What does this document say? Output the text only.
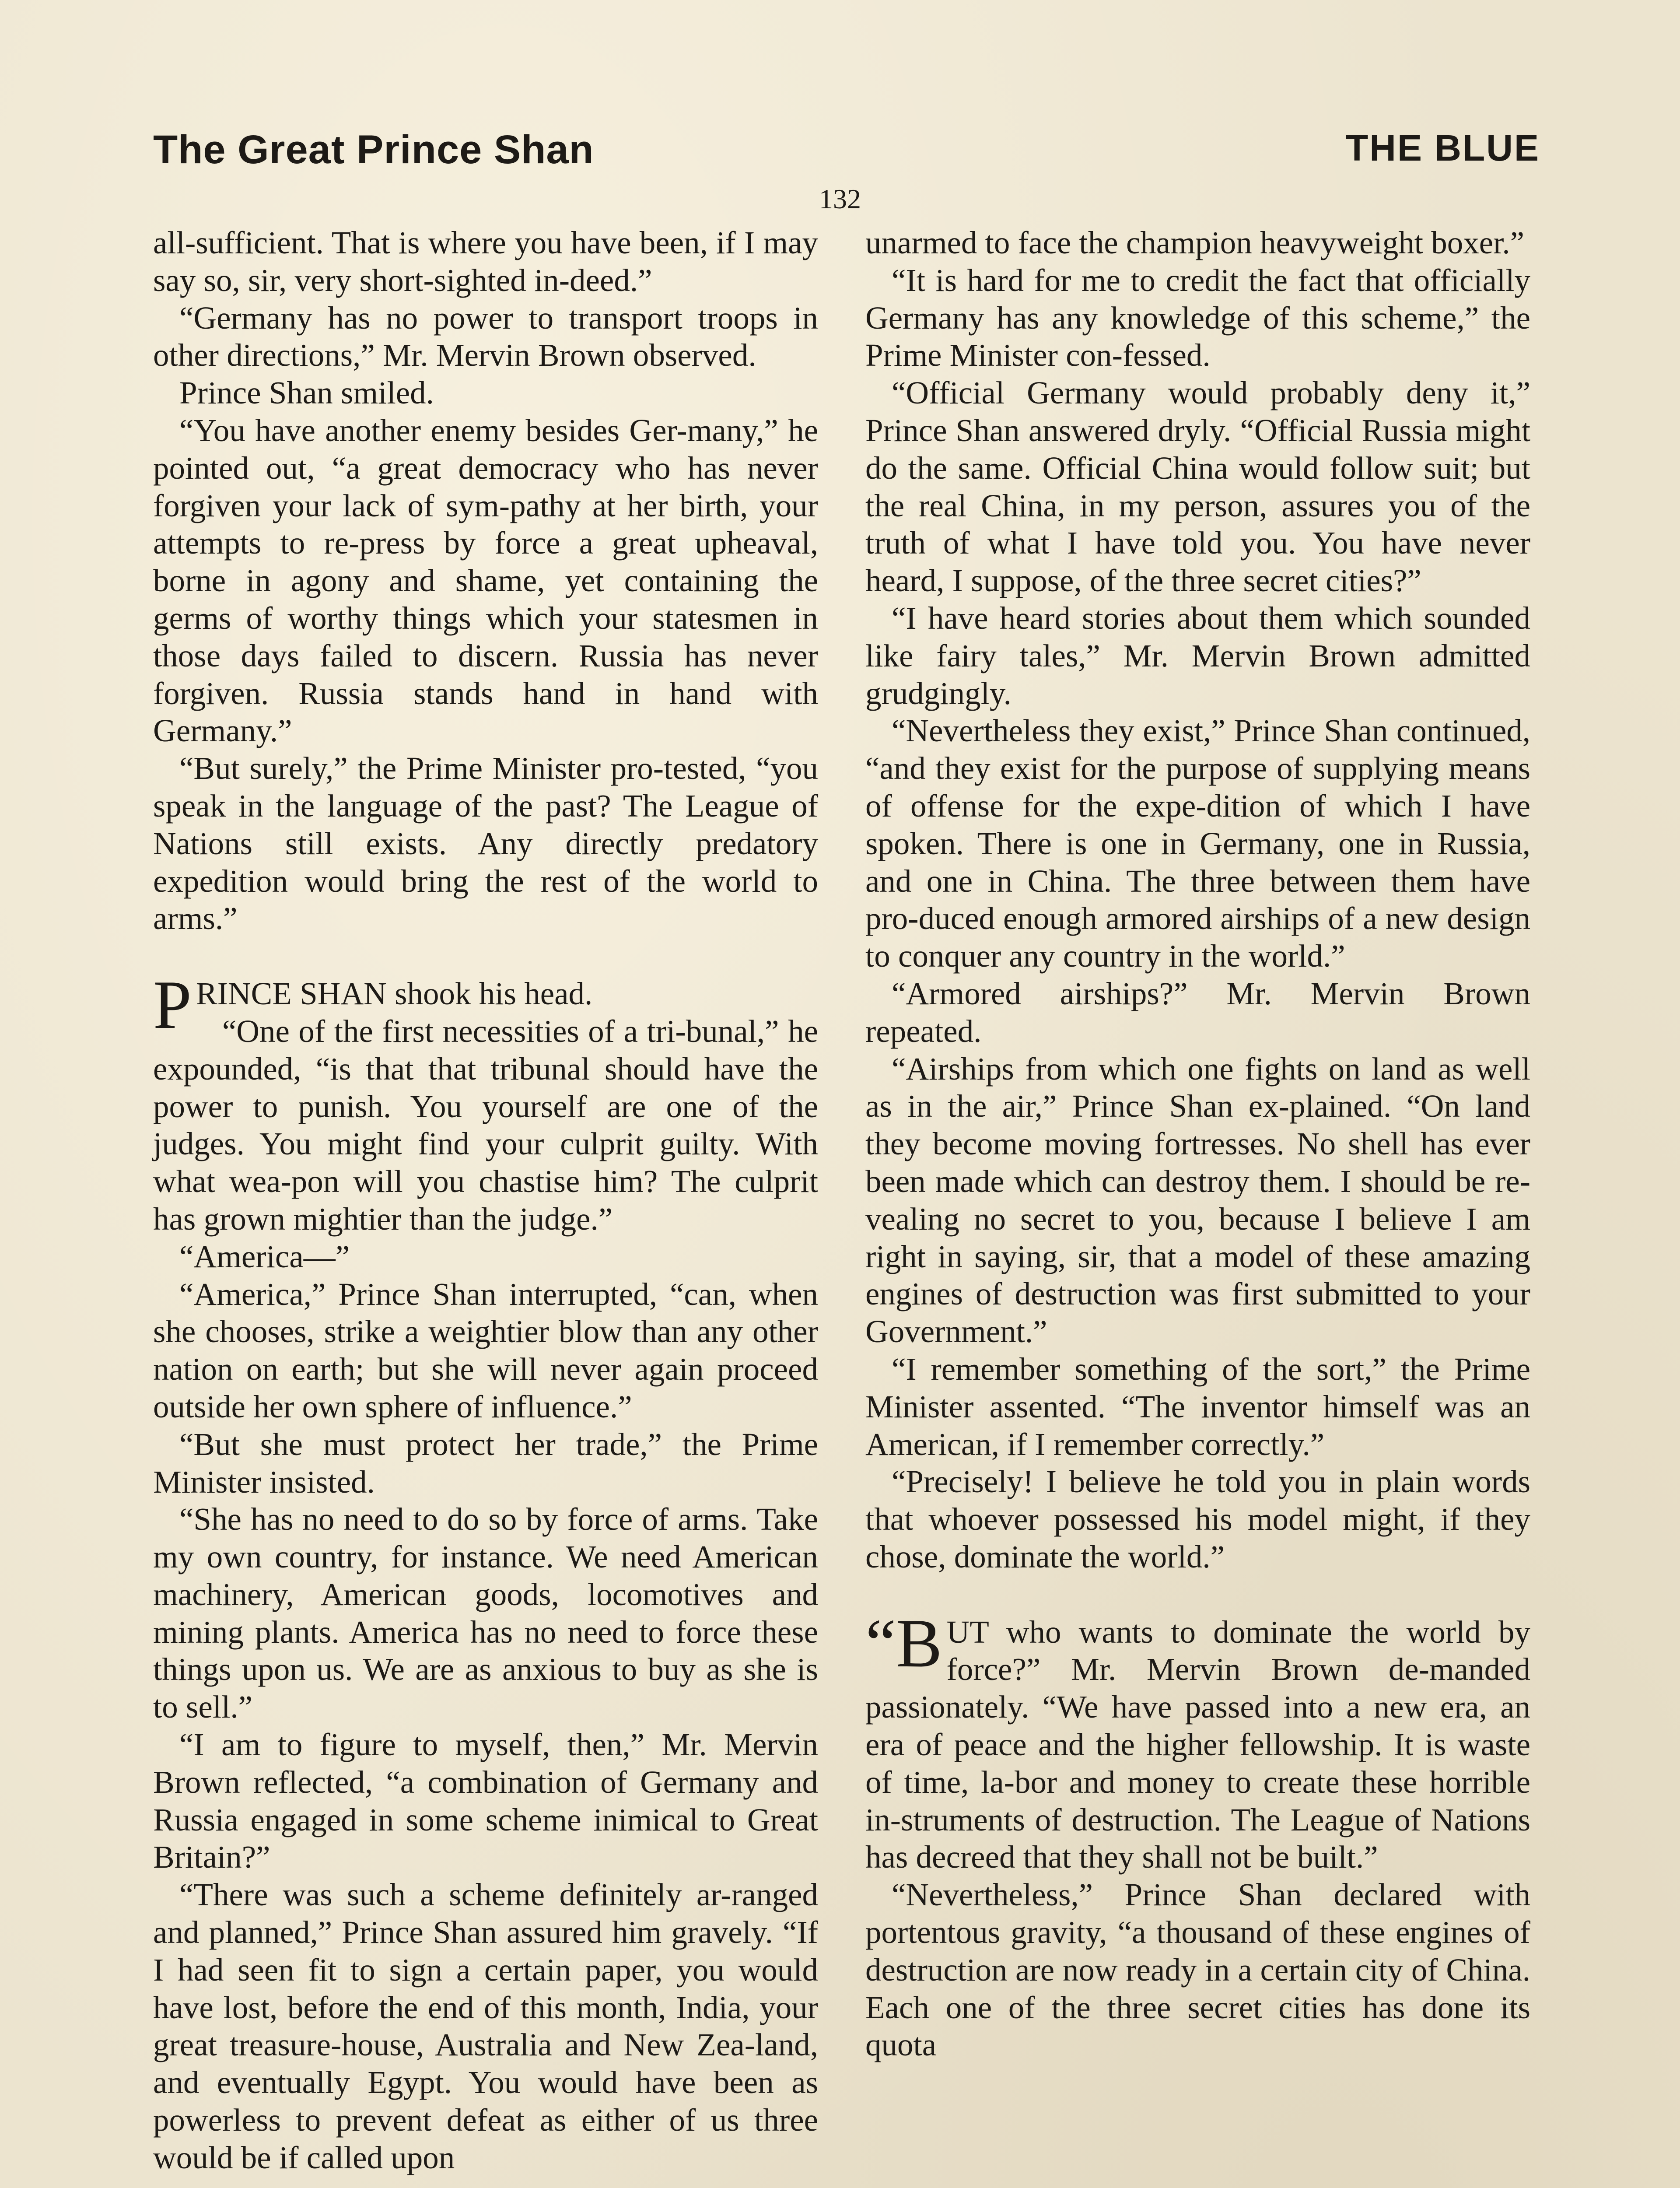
The Great Prince Shan	THE BLUE
132

all-sufficient. That is where you have been, if I may say so, sir, very short-sighted in-deed.”

“Germany has no power to transport troops in other directions,” Mr. Mervin Brown observed.

Prince Shan smiled.

“You have another enemy besides Ger-many,” he pointed out, “a great democracy who has never forgiven your lack of sym-pathy at her birth, your attempts to re-press by force a great upheaval, borne in agony and shame, yet containing the germs of worthy things which your statesmen in those days failed to discern. Russia has never forgiven. Russia stands hand in hand with Germany.”

“But surely,” the Prime Minister pro-tested, “you speak in the language of the past? The League of Nations still exists. Any directly predatory expedition would bring the rest of the world to arms.”

PRINCE SHAN shook his head.

“One of the first necessities of a tri-bunal,” he expounded, “is that that tribunal should have the power to punish. You yourself are one of the judges. You might find your culprit guilty. With what wea-pon will you chastise him? The culprit has grown mightier than the judge.”

“America—”

“America,” Prince Shan interrupted, “can, when she chooses, strike a weightier blow than any other nation on earth; but she will never again proceed outside her own sphere of influence.”

“But she must protect her trade,” the Prime Minister insisted.

“She has no need to do so by force of arms. Take my own country, for instance. We need American machinery, American goods, locomotives and mining plants. America has no need to force these things upon us. We are as anxious to buy as she is to sell.”

“I am to figure to myself, then,” Mr. Mervin Brown reflected, “a combination of Germany and Russia engaged in some scheme inimical to Great Britain?”

“There was such a scheme definitely ar-ranged and planned,” Prince Shan assured him gravely. “If I had seen fit to sign a certain paper, you would have lost, before the end of this month, India, your great treasure-house, Australia and New Zea-land, and eventually Egypt. You would have been as powerless to prevent defeat as either of us three would be if called upon

unarmed to face the champion heavyweight boxer.”

“It is hard for me to credit the fact that officially Germany has any knowledge of this scheme,” the Prime Minister con-fessed.

“Official Germany would probably deny it,” Prince Shan answered dryly. “Official Russia might do the same. Official China would follow suit; but the real China, in my person, assures you of the truth of what I have told you. You have never heard, I suppose, of the three secret cities?”

“I have heard stories about them which sounded like fairy tales,” Mr. Mervin Brown admitted grudgingly.

“Nevertheless they exist,” Prince Shan continued, “and they exist for the purpose of supplying means of offense for the expe-dition of which I have spoken. There is one in Germany, one in Russia, and one in China. The three between them have pro-duced enough armored airships of a new design to conquer any country in the world.”

“Armored airships?” Mr. Mervin Brown repeated.

“Airships from which one fights on land as well as in the air,” Prince Shan ex-plained. “On land they become moving fortresses. No shell has ever been made which can destroy them. I should be re-vealing no secret to you, because I believe I am right in saying, sir, that a model of these amazing engines of destruction was first submitted to your Government.”

“I remember something of the sort,” the Prime Minister assented. “The inventor himself was an American, if I remember correctly.”

“Precisely! I believe he told you in plain words that whoever possessed his model might, if they chose, dominate the world.”

“B UT who wants to dominate the world by force?” Mr. Mervin Brown de-manded passionately. “We have passed into a new era, an era of peace and the higher fellowship. It is waste of time, la-bor and money to create these horrible in-struments of destruction. The League of Nations has decreed that they shall not be built.”

“Nevertheless,” Prince Shan declared with portentous gravity, “a thousand of these engines of destruction are now ready in a certain city of China. Each one of the three secret cities has done its quota
